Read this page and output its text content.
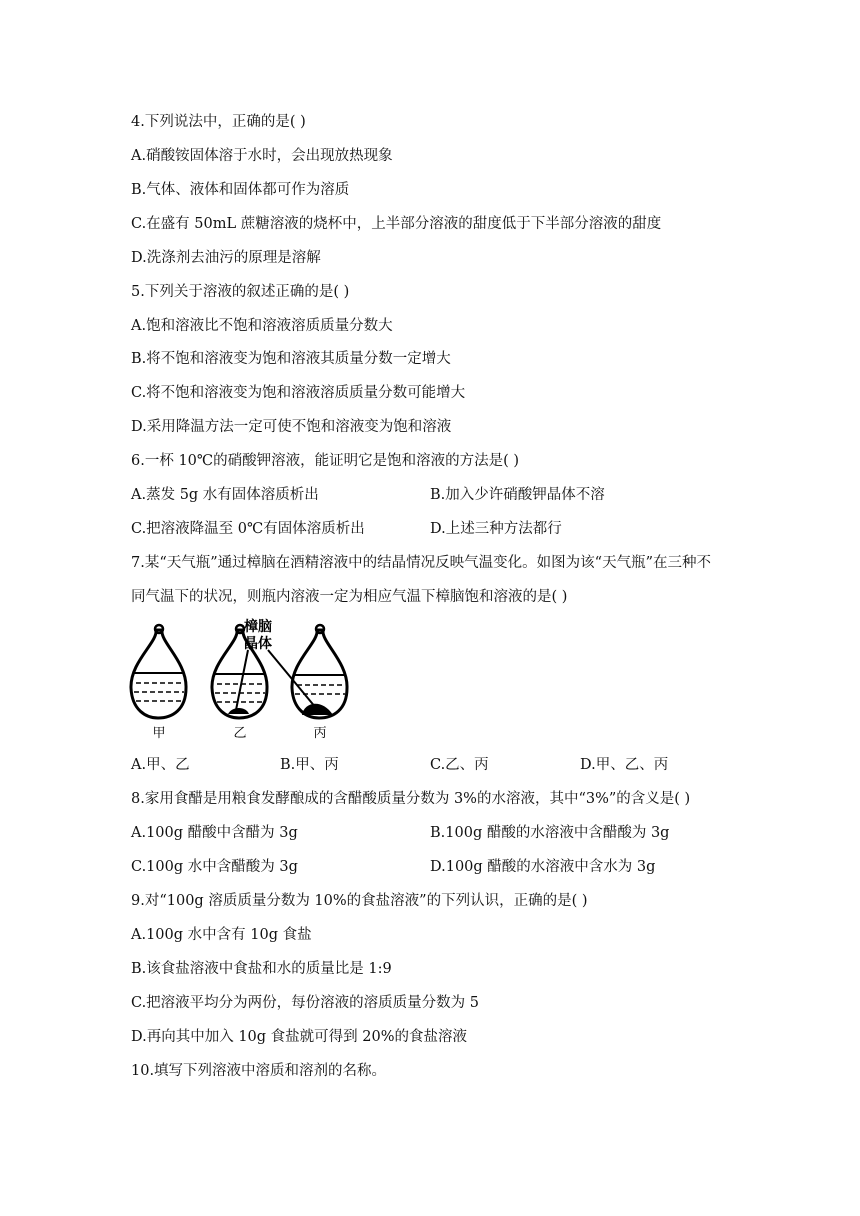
4.下列说法中，正确的是( )
A.硝酸铵固体溶于水时，会出现放热现象
B.气体、液体和固体都可作为溶质
C.在盛有 50mL 蔗糖溶液的烧杯中，上半部分溶液的甜度低于下半部分溶液的甜度
D.洗涤剂去油污的原理是溶解
5.下列关于溶液的叙述正确的是( )
A.饱和溶液比不饱和溶液溶质质量分数大
B.将不饱和溶液变为饱和溶液其质量分数一定增大
C.将不饱和溶液变为饱和溶液溶质质量分数可能增大
D.采用降温方法一定可使不饱和溶液变为饱和溶液
6.一杯 10℃的硝酸钾溶液，能证明它是饱和溶液的方法是( )
A.蒸发 5g 水有固体溶质析出	B.加入少许硝酸钾晶体不溶
C.把溶液降温至 0℃有固体溶质析出	D.上述三种方法都行
7.某“天气瓶”通过樟脑在酒精溶液中的结晶情况反映气温变化。如图为该“天气瓶”在三种不
同气温下的状况，则瓶内溶液一定为相应气温下樟脑饱和溶液的是( )
樟脑
晶体
甲	乙	丙
A.甲、乙	B.甲、丙	C.乙、丙	D.甲、乙、丙
8.家用食醋是用粮食发酵酿成的含醋酸质量分数为 3%的水溶液，其中“3%”的含义是( )
A.100g 醋酸中含醋为 3g	B.100g 醋酸的水溶液中含醋酸为 3g
C.100g 水中含醋酸为 3g	D.100g 醋酸的水溶液中含水为 3g
9.对“100g 溶质质量分数为 10%的食盐溶液”的下列认识，正确的是( )
A.100g 水中含有 10g 食盐
B.该食盐溶液中食盐和水的质量比是 1:9
C.把溶液平均分为两份，每份溶液的溶质质量分数为 5
D.再向其中加入 10g 食盐就可得到 20%的食盐溶液
10.填写下列溶液中溶质和溶剂的名称。
